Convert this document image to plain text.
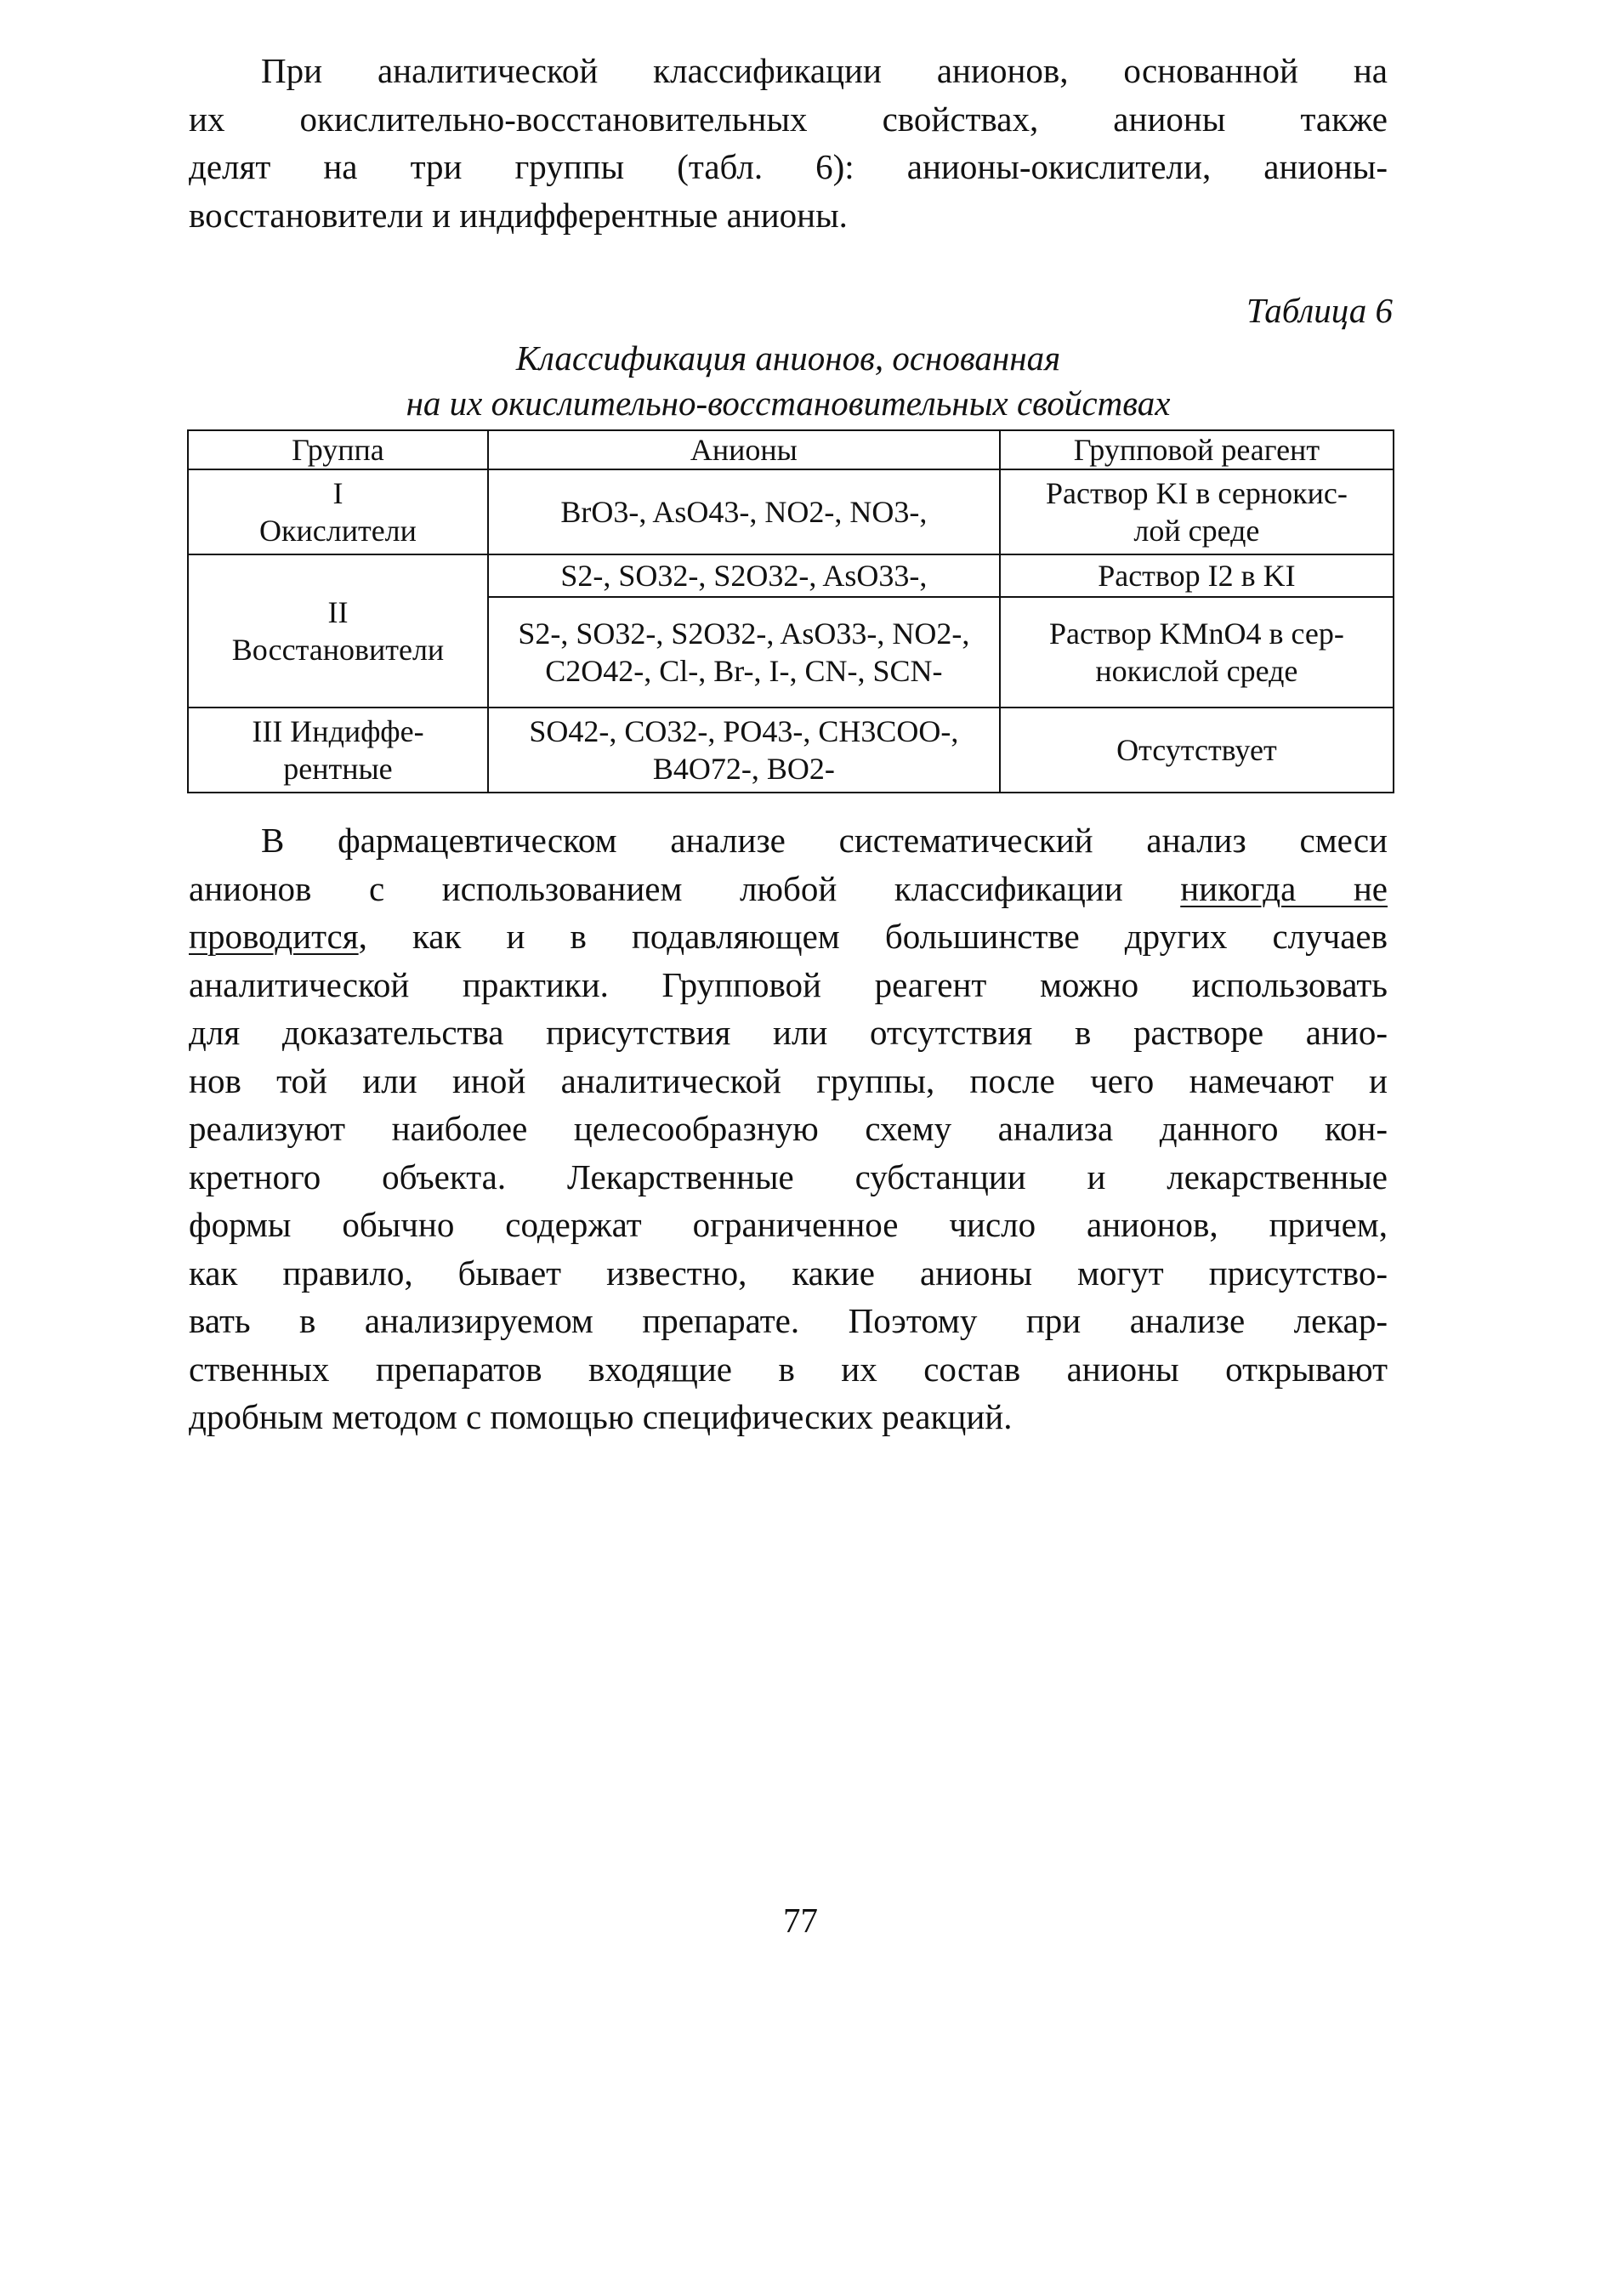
При аналитической классификации анионов, основанной на
их окислительно-восстановительных свойствах, анионы также
делят на три группы (табл. 6): анионы-окислители, анионы-
восстановители и индифферентные анионы.

Таблица 6
Классификация анионов, основанная
на их окислительно-восстановительных свойствах
Группа	Анионы	Групповой реагент

I
Окислители	BrO3-, AsO43-, NO2-, NO3-,	Раствор KI в сернокис-
лой среде

II
Восстановители	S2-, SO32-, S2O32-, AsO33-,	Раствор I2 в KI

	S2-, SO32-, S2O32-, AsO33-, NO2-,
C2O42-, Cl-, Br-, I-, CN-, SCN-	Раствор KMnO4 в сер-
нокислой среде

III Индиффе-
рентные	SO42-, CO32-, PO43-, CH3COO-,
B4O72-, BO2-	Отсутствует

В фармацевтическом анализе систематический анализ смеси
анионов с использованием любой классификации никогда не
проводится, как и в подавляющем большинстве других случаев
аналитической практики. Групповой реагент можно использовать
для доказательства присутствия или отсутствия в растворе анио-
нов той или иной аналитической группы, после чего намечают и
реализуют наиболее целесообразную схему анализа данного кон-
кретного объекта. Лекарственные субстанции и лекарственные
формы обычно содержат ограниченное число анионов, причем,
как правило, бывает известно, какие анионы могут присутство-
вать в анализируемом препарате. Поэтому при анализе лекар-
ственных препаратов входящие в их состав анионы открывают
дробным методом с помощью специфических реакций.

77
